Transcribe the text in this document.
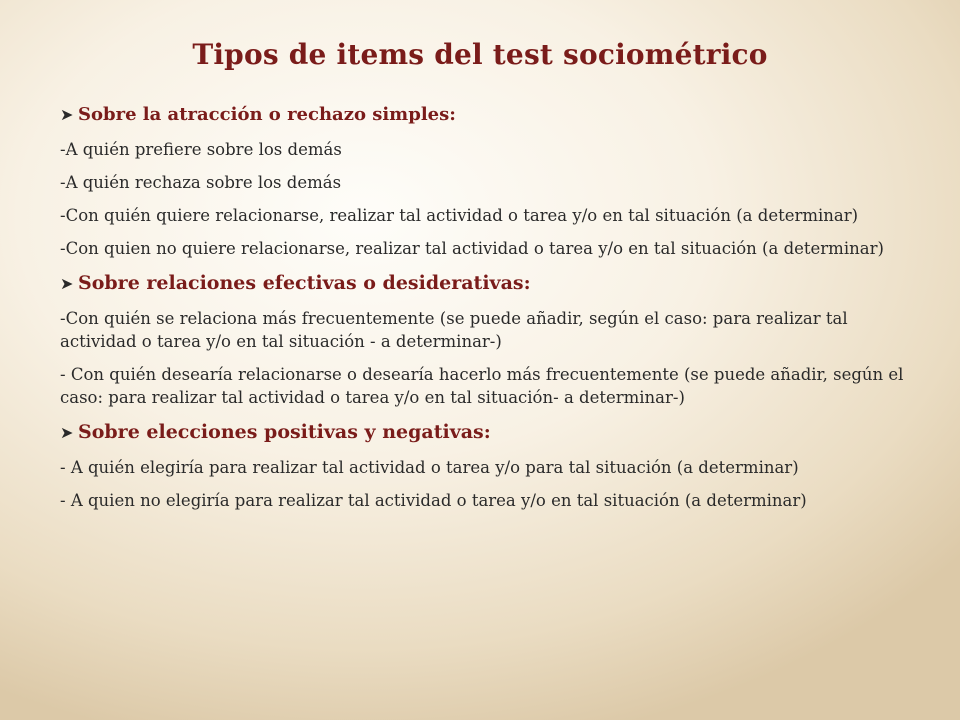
Tipos de items del test sociométrico
➤ Sobre la atracción o rechazo simples:
-A quién prefiere sobre los demás
-A quién rechaza sobre los demás
-Con quién quiere relacionarse, realizar tal actividad o tarea y/o en tal situación (a determinar)
-Con quien no quiere relacionarse, realizar tal actividad o tarea y/o en tal situación (a determinar)
➤ Sobre relaciones efectivas o desiderativas:
-Con quién se relaciona más frecuentemente (se puede añadir, según el caso: para realizar tal actividad o tarea y/o en tal situación - a determinar-)
- Con quién desearía relacionarse o desearía hacerlo más frecuentemente (se puede añadir, según el caso: para realizar tal actividad o tarea y/o en tal situación- a determinar-)
➤ Sobre elecciones positivas y negativas:
- A quién elegiría para realizar tal actividad o tarea y/o para tal situación (a determinar)
- A quien no elegiría para realizar tal actividad o tarea y/o en tal situación (a determinar)
